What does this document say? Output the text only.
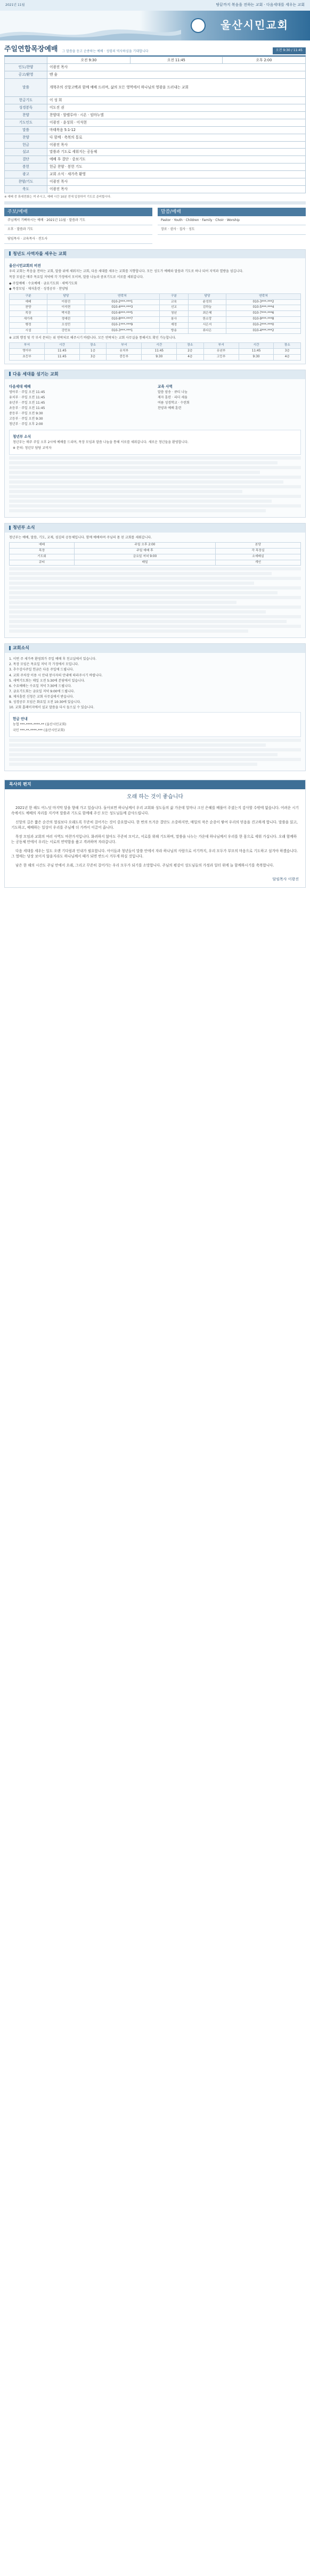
2021년 11월	땅끝까지 복음을 전하는 교회 · 다음세대를 세우는 교회
울산시민교회
주일연합목장예배 그 말씀을 듣고 순종하는 예배 · 성령의 역사하심을 기대합니다	오전 9:30 / 11:45
	오전 9:30	오전 11:45	오후 2:00
인도/찬양	이광진 목사		
공고/환영	맨 숲		
말씀	개혁주의 신앙고백과 함께 예배 드리며, 삶의 모든 영역에서 하나님의 영광을 드러내는 교회		
헌금기도	이 성 희		
성경봉독	이도진 권		
찬양	찬양대 · 할렐루야 · 시온 · 임마누엘		
기도인도	이광진 · 윤성희 · 이석현		
말씀	마태복음 5:1-12		
찬양	다 함께 · 축복의 통로		
헌금	이광진 목사		
설교	말씀과 기도로 세워지는 공동체		
결단	예배 후 결단 · 중보기도		
봉헌	헌금 찬양 · 봉헌 기도		
광고	교회 소식 · 새가족 환영		
찬양/기도	이광진 목사		
축도	이광진 목사		
※ 예배 중 휴대전화는 꺼 주시고, 예배 시간 10분 전에 입장하여 기도로 준비합시다.
주보/예배
주님께서 기뻐하시는 예배 · 2021년 11월 · 말씀과 기도
오후 · 말씀과 기도
담임목사 · 교육목사 · 전도사
말씀/예배
Pastor · Youth · Children · Family · Choir · Worship
장로 · 권사 · 집사 · 성도
청년도 사역자를 세우는 교회
울산시민교회의 비전
우리 교회는 복음을 전하는 교회, 말씀 위에 세워지는 교회, 다음 세대를 세우는 교회를 지향합니다. 모든 성도가 예배와 말씀과 기도로 하나 되어 지역과 열방을 섬깁니다.
목장 모임은 매주 목요일 저녁에 각 가정에서 모이며, 말씀 나눔과 중보기도로 서로를 세워갑니다.
◆ 주일예배 · 수요예배 · 금요기도회 · 새벽기도회
◆ 목장모임 · 제자훈련 · 성경공부 · 찬양팀
구분	담당	연락처	구분	담당	연락처
예배	이광진	010-2***-***1	교육	윤성희	010-3***-***2
찬양	이석현	010-4***-***3	선교	김하늘	010-5***-***4
목장	박지훈	010-6***-***5	청년	최은혜	010-7***-***6
새가족	정예린	010-8***-***7	봉사	한소망	010-9***-***8
행정	오성민	010-1***-***9	재정	서은지	010-2***-***0
시설	강민호	010-3***-***1	방송	류다은	010-4***-***2
※ 교회 행정 및 각 부서 문의는 위 연락처로 해주시기 바랍니다. 모든 연락처는 교회 사무실을 통해서도 확인 가능합니다.
부서	시간	장소	부서	시간	장소	부서	시간	장소
영아부	11:45	1층	유치부	11:45	2층	유년부	11:45	3층
초등부	11:45	3층	중등부	9:30	4층	고등부	9:30	4층
다음 세대를 섬기는 교회
다음세대 예배
영아부 · 주일 오전 11:45
유치부 · 주일 오전 11:45
유년부 · 주일 오전 11:45
초등부 · 주일 오전 11:45
중등부 · 주일 오전 9:30
고등부 · 주일 오전 9:30
청년부 · 주일 오후 2:00
교육 사역
말씀 암송 · 큐티 나눔
제자 훈련 · 리더 세움
여름 성경학교 · 수련회
찬양과 예배 훈련
청년부 소식
청년부는 매주 주일 오후 2시에 예배를 드리며, 목장 모임과 말씀 나눔을 통해 서로를 세워갑니다. 새로운 청년들을 환영합니다.
※ 문의: 청년부 담당 교역자
청년부 소식
청년부는 예배, 말씀, 기도, 교제, 섬김의 공동체입니다. 함께 예배하며 주님의 몸 된 교회를 세워갑니다.
예배	주일 오후 2:00	본당
목장	주일 예배 후	각 목장실
기도회	금요일 저녁 9:00	소예배실
큐티	매일	개인
교회소식
1. 이번 주 새가족 환영회가 주일 예배 후 친교실에서 있습니다.
2. 목장 모임은 목요일 저녁 각 가정에서 모입니다.
3. 추수감사주일 헌금은 다음 주일에 드립니다.
4. 교회 주차장 이용 시 안내 봉사자의 안내에 따라주시기 바랍니다.
5. 새벽기도회는 매일 오전 5:30에 본당에서 있습니다.
6. 수요예배는 수요일 저녁 7:30에 드립니다.
7. 금요기도회는 금요일 저녁 9:00에 드립니다.
8. 제자훈련 신청은 교회 사무실에서 받습니다.
9. 성경공부 모임은 화요일 오전 10:30에 있습니다.
10. 교회 홈페이지에서 설교 말씀을 다시 들으실 수 있습니다.
헌금 안내
농협 ***-****-****-** (울산시민교회)
국민 ***-**-****-*** (울산시민교회)
목사의 편지
오래 하는 것이 좋습니다

2021년 한 해도 어느덧 마지막 달을 향해 가고 있습니다. 돌아보면 하나님께서 우리 교회와 성도들의 삶 가운데 얼마나 크신 은혜를 베풀어 주셨는지 감사할 수밖에 없습니다. 어려운 시기 속에서도 예배의 자리를 지키며 말씀과 기도로 함께해 주신 모든 성도님들께 감사드립니다.

신앙의 길은 짧은 순간의 열심보다 오래도록 꾸준히 걸어가는 것이 중요합니다. 한 번의 뜨거운 결단도 소중하지만, 매일의 작은 순종이 쌓여 우리의 믿음을 견고하게 합니다. 말씀을 읽고, 기도하고, 예배하는 일상이 우리를 주님께 더 가까이 이끌어 줍니다.

목장 모임과 교회의 여러 사역도 마찬가지입니다. 화려하지 않아도 꾸준히 모이고, 서로를 위해 기도하며, 말씀을 나누는 가운데 하나님께서 우리를 한 몸으로 세워 가십니다. 오래 함께하는 공동체 안에서 우리는 서로의 연약함을 품고 격려하며 자라갑니다.

다음 세대를 세우는 일도 오랜 기다림과 인내가 필요합니다. 아이들과 청년들이 말씀 안에서 자라 하나님의 사람으로 서기까지, 우리 모두가 부모의 마음으로 기도하고 섬겨야 하겠습니다. 그 열매는 당장 보이지 않을지라도 하나님께서 때가 되면 반드시 거두게 하실 것입니다.

남은 한 해의 시간도 주님 안에서 오래, 그리고 꾸준히 걸어가는 우리 모두가 되기를 소망합니다. 주님의 평강이 성도님들의 가정과 일터 위에 늘 함께하시기를 축복합니다.

담임목사 이광진
